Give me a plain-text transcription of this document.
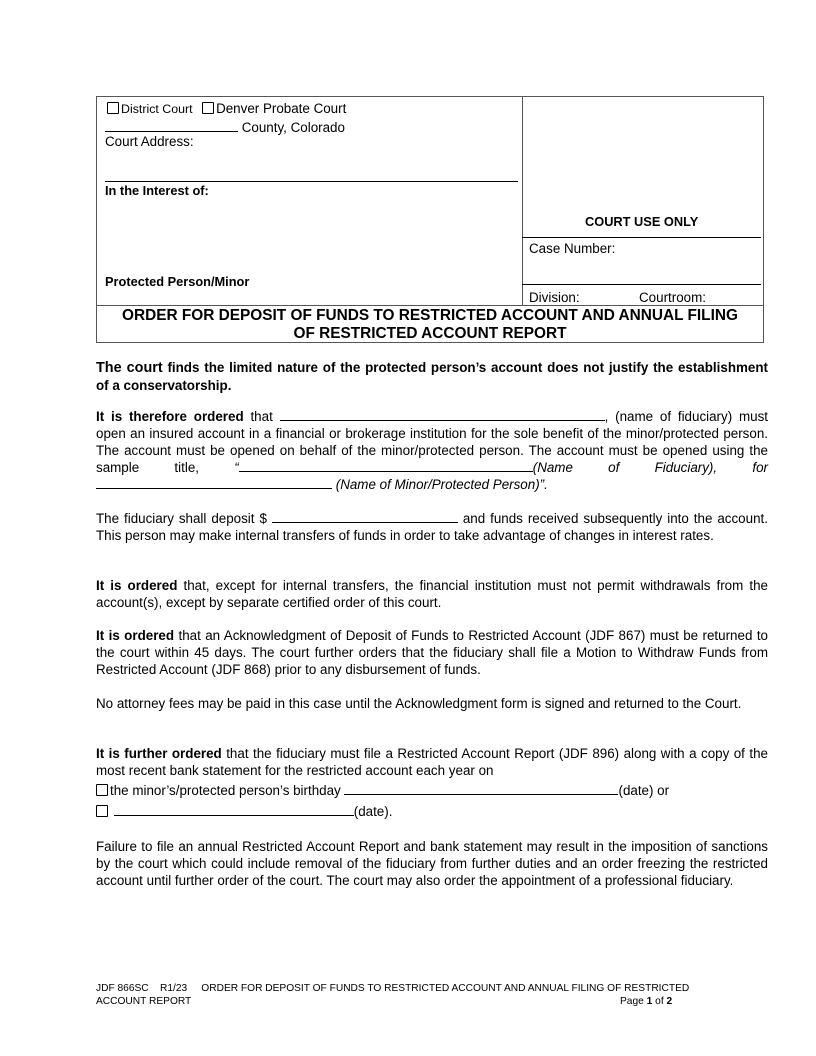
District Court Denver Probate Court
County, Colorado
Court Address:
In the Interest of:
Protected Person/Minor
COURT USE ONLY
Case Number:
Division:	Courtroom:
ORDER FOR DEPOSIT OF FUNDS TO RESTRICTED ACCOUNT AND ANNUAL FILING
OF RESTRICTED ACCOUNT REPORT
The court finds the limited nature of the protected person’s account does not justify the establishment of a conservatorship.
It is therefore ordered that	, (name of fiduciary) must open an insured account in a financial or brokerage institution for the sole benefit of the minor/protected person. The account must be opened on behalf of the minor/protected person. The account must be opened using the sample title,	“	(Name of Fiduciary), for  (Name of Minor/Protected Person)”.
The fiduciary shall deposit $	and funds received subsequently into the account. This person may make internal transfers of funds in order to take advantage of changes in interest rates.
It is ordered that, except for internal transfers, the financial institution must not permit withdrawals from the account(s), except by separate certified order of this court.
It is ordered that an Acknowledgment of Deposit of Funds to Restricted Account (JDF 867) must be returned to the court within 45 days. The court further orders that the fiduciary shall file a Motion to Withdraw Funds from Restricted Account (JDF 868) prior to any disbursement of funds.
No attorney fees may be paid in this case until the Acknowledgment form is signed and returned to the Court.
It is further ordered that the fiduciary must file a Restricted Account Report (JDF 896) along with a copy of the most recent bank statement for the restricted account each year on
the minor’s/protected person’s birthday	(date) or
(date).
Failure to file an annual Restricted Account Report and bank statement may result in the imposition of sanctions by the court which could include removal of the fiduciary from further duties and an order freezing the restricted account until further order of the court. The court may also order the appointment of a professional fiduciary.
JDF 866SC    R1/23     ORDER FOR DEPOSIT OF FUNDS TO RESTRICTED ACCOUNT AND ANNUAL FILING OF RESTRICTED
ACCOUNT REPORT	Page 1 of 2
